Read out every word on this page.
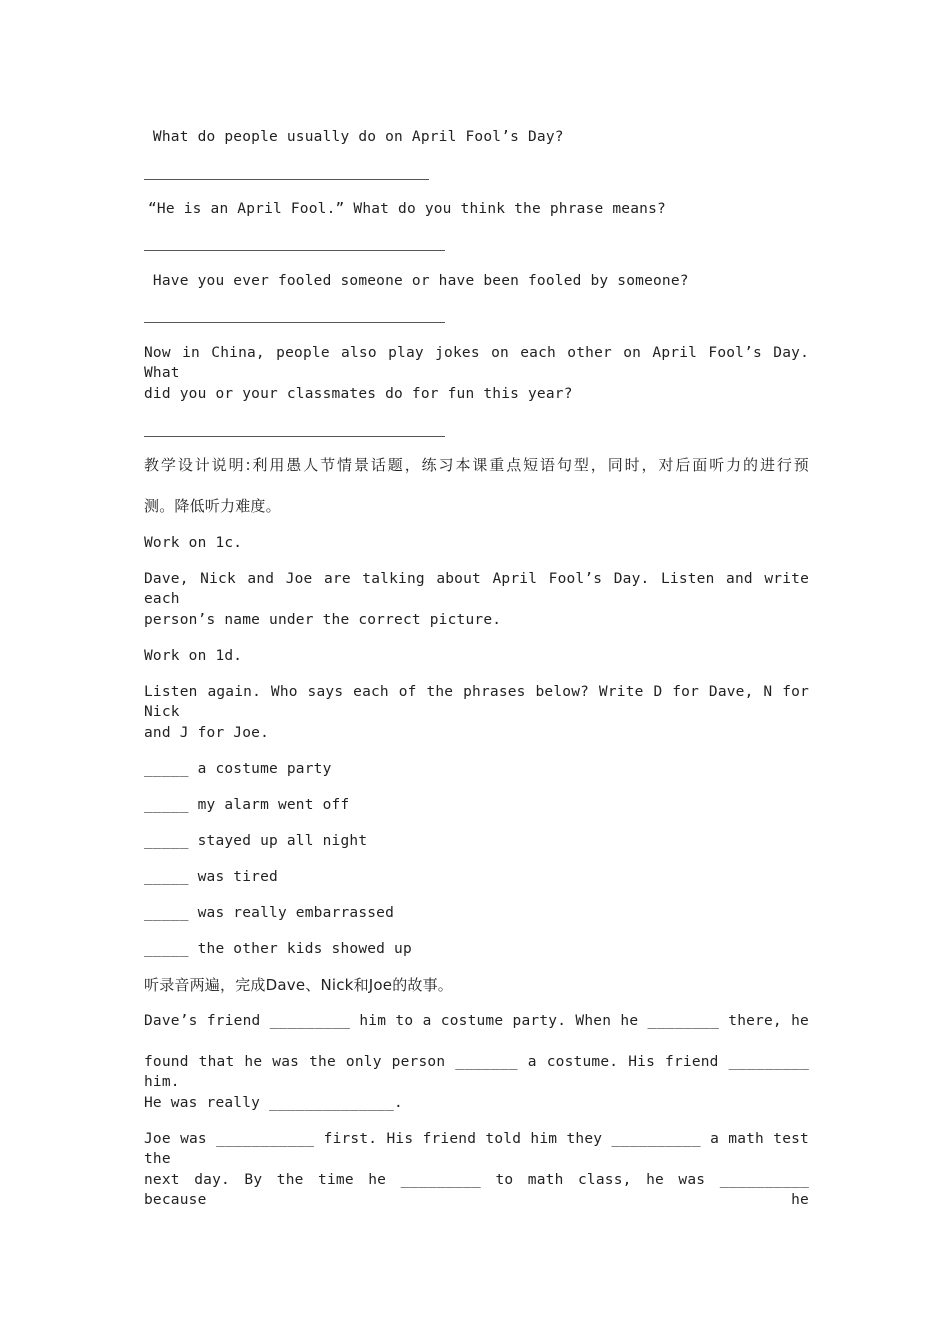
What do people usually do on April Fool’s Day?
“He is an April Fool.” What do you think the phrase means?
Have you ever fooled someone or have been fooled by someone?
Now in China, people also play jokes on each other on April Fool’s Day. What
did you or your classmates do for fun this year?
教学设计说明:利用愚人节情景话题，练习本课重点短语句型，同时，对后面听力的进行预
测。降低听力难度。
Work on 1c.
Dave, Nick and Joe are talking about April Fool’s Day. Listen and write each
person’s name under the correct picture.
Work on 1d.
Listen again. Who says each of the phrases below? Write D for Dave, N for Nick
and J for Joe.
_____ a costume party
_____ my alarm went off
_____ stayed up all night
_____ was tired
_____ was really embarrassed
_____ the other kids showed up
听录音两遍，完成Dave、Nick和Joe的故事。
Dave’s friend _________ him to a costume party. When he ________ there, he
found that he was the only person _______ a costume. His friend _________ him.
He was really ______________.
Joe was ___________ first. His friend told him they __________ a math test the
next day. By the time he _________ to math class, he was __________ because he
